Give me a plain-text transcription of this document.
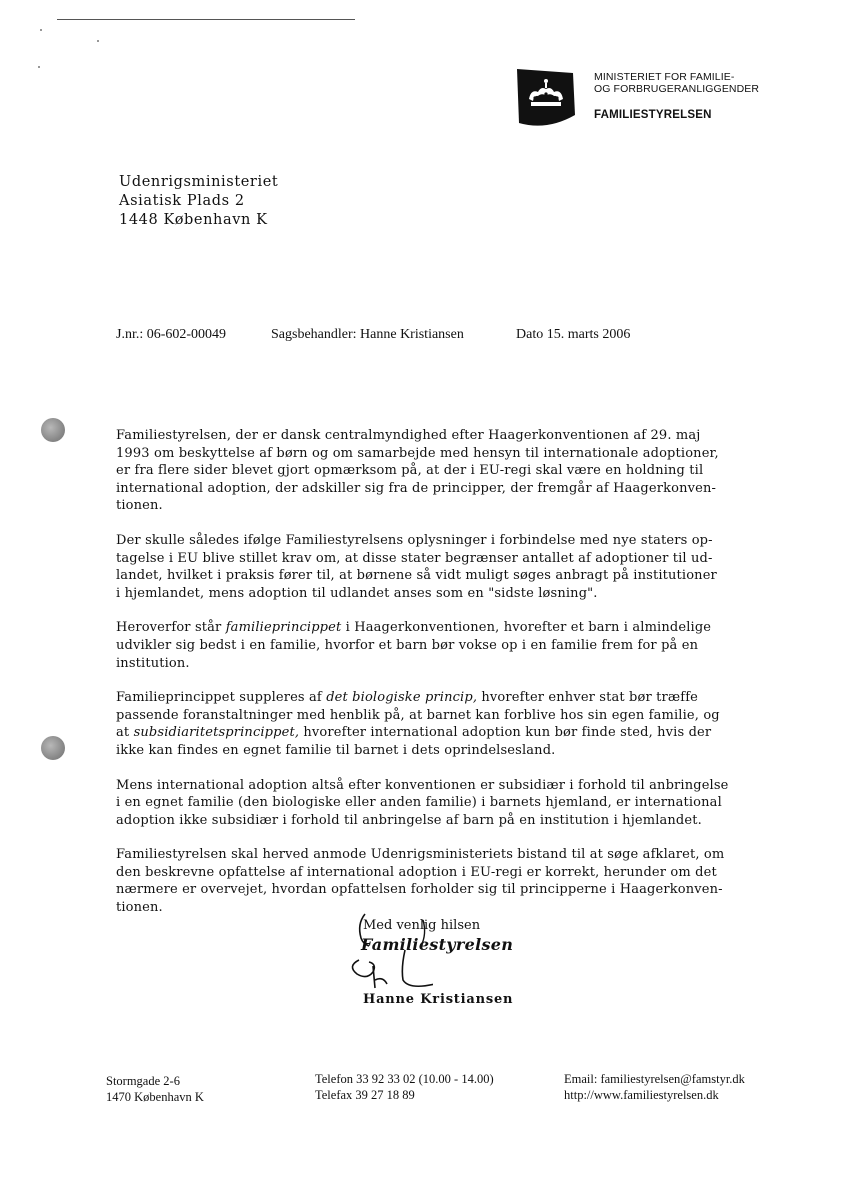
MINISTERIET FOR FAMILIE-
OG FORBRUGERANLIGGENDER
FAMILIESTYRELSEN
Udenrigsministeriet
Asiatisk Plads 2
1448 København K
J.nr.: 06-602-00049	Sagsbehandler: Hanne Kristiansen	Dato 15. marts 2006

Familiestyrelsen, der er dansk centralmyndighed efter Haagerkonventionen af 29. maj
1993 om beskyttelse af børn og om samarbejde med hensyn til internationale adoptioner,
er fra flere sider blevet gjort opmærksom på, at der i EU-regi skal være en holdning til
international adoption, der adskiller sig fra de principper, der fremgår af Haagerkonven-
tionen.

Der skulle således ifølge Familiestyrelsens oplysninger i forbindelse med nye staters op-
tagelse i EU blive stillet krav om, at disse stater begrænser antallet af adoptioner til ud-
landet, hvilket i praksis fører til, at børnene så vidt muligt søges anbragt på institutioner
i hjemlandet, mens adoption til udlandet anses som en "sidste løsning".

Heroverfor står familieprincippet i Haagerkonventionen, hvorefter et barn i almindelige
udvikler sig bedst i en familie, hvorfor et barn bør vokse op i en familie frem for på en
institution.

Familieprincippet suppleres af det biologiske princip, hvorefter enhver stat bør træffe
passende foranstaltninger med henblik på, at barnet kan forblive hos sin egen familie, og
at subsidiaritetsprincippet, hvorefter international adoption kun bør finde sted, hvis der
ikke kan findes en egnet familie til barnet i dets oprindelsesland.

Mens international adoption altså efter konventionen er subsidiær i forhold til anbringelse
i en egnet familie (den biologiske eller anden familie) i barnets hjemland, er international
adoption ikke subsidiær i forhold til anbringelse af barn på en institution i hjemlandet.

Familiestyrelsen skal herved anmode Udenrigsministeriets bistand til at søge afklaret, om
den beskrevne opfattelse af international adoption i EU-regi er korrekt, herunder om det
nærmere er overvejet, hvordan opfattelsen forholder sig til principperne i Haagerkonven-
tionen.

Med venlig hilsen
Familiestyrelsen
Hanne Kristiansen
Stormgade 2-6
1470 København K
Telefon 33 92 33 02 (10.00 - 14.00)
Telefax 39 27 18 89
Email: familiestyrelsen@famstyr.dk
http://www.familiestyrelsen.dk
